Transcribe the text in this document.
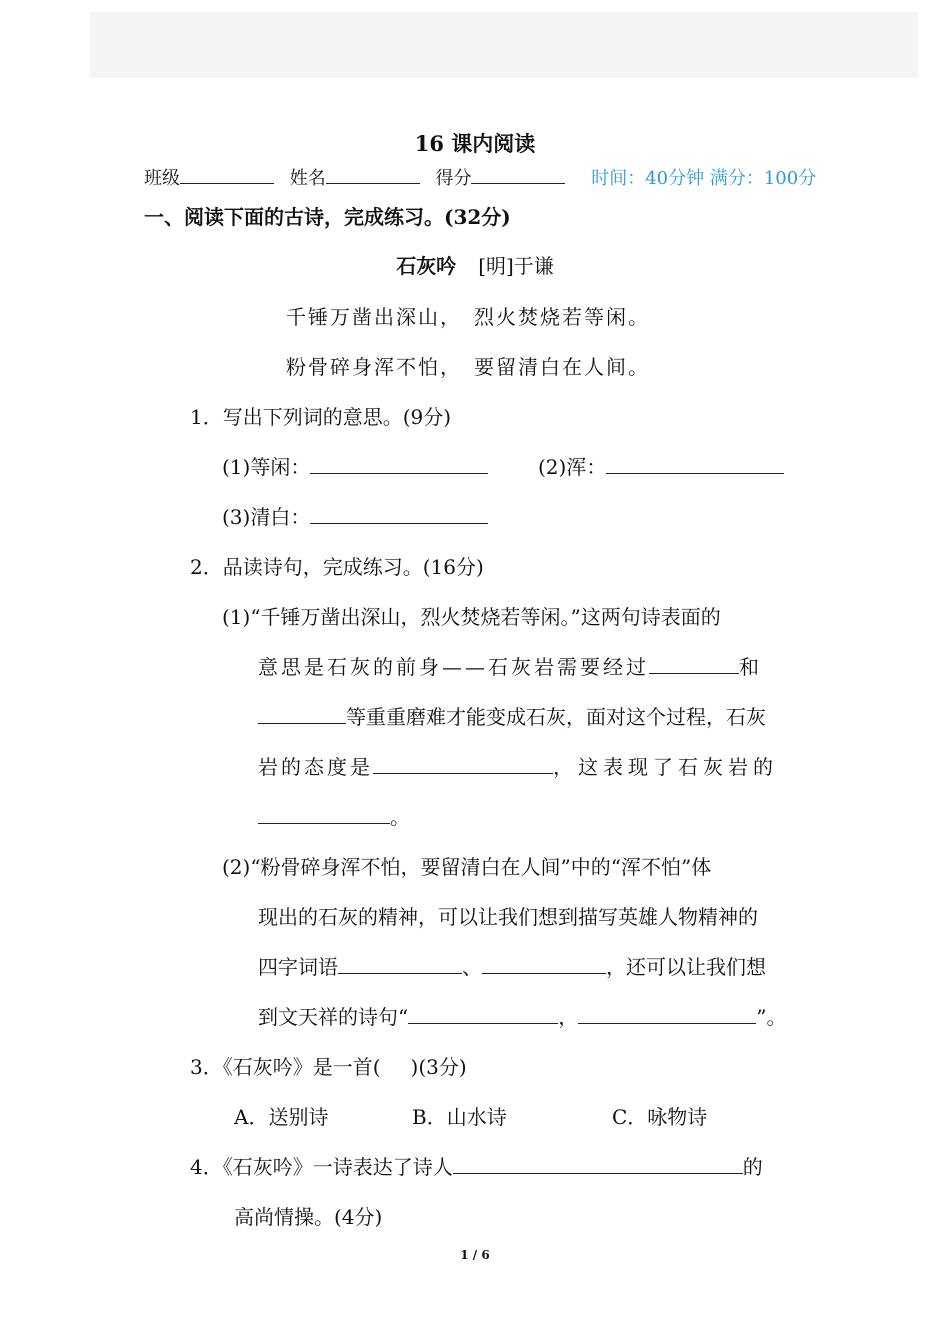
16 课内阅读
班级	姓名	得分	时间：40分钟 满分：100分
一、阅读下面的古诗，完成练习。(32分)
石灰吟 [明]于谦
千锤万凿出深山，　烈火焚烧若等闲。
粉骨碎身浑不怕，　要留清白在人间。
1．写出下列词的意思。(9分)
(1)等闲：	(2)浑：
(3)清白：
2．品读诗句，完成练习。(16分)
(1)“千锤万凿出深山，烈火焚烧若等闲。”这两句诗表面的
意思是石灰的前身——石灰岩需要经过	和
等重重磨难才能变成石灰，面对这个过程，石灰
岩的态度是	，这表现了石灰岩的
。
(2)“粉骨碎身浑不怕，要留清白在人间”中的“浑不怕”体
现出的石灰的精神，可以让我们想到描写英雄人物精神的
四字词语	、	，还可以让我们想
到文天祥的诗句“	，	”。
3．《石灰吟》是一首( )(3分)
A．送别诗	B．山水诗	C．咏物诗
4．《石灰吟》一诗表达了诗人	的
高尚情操。(4分)
1 / 6
